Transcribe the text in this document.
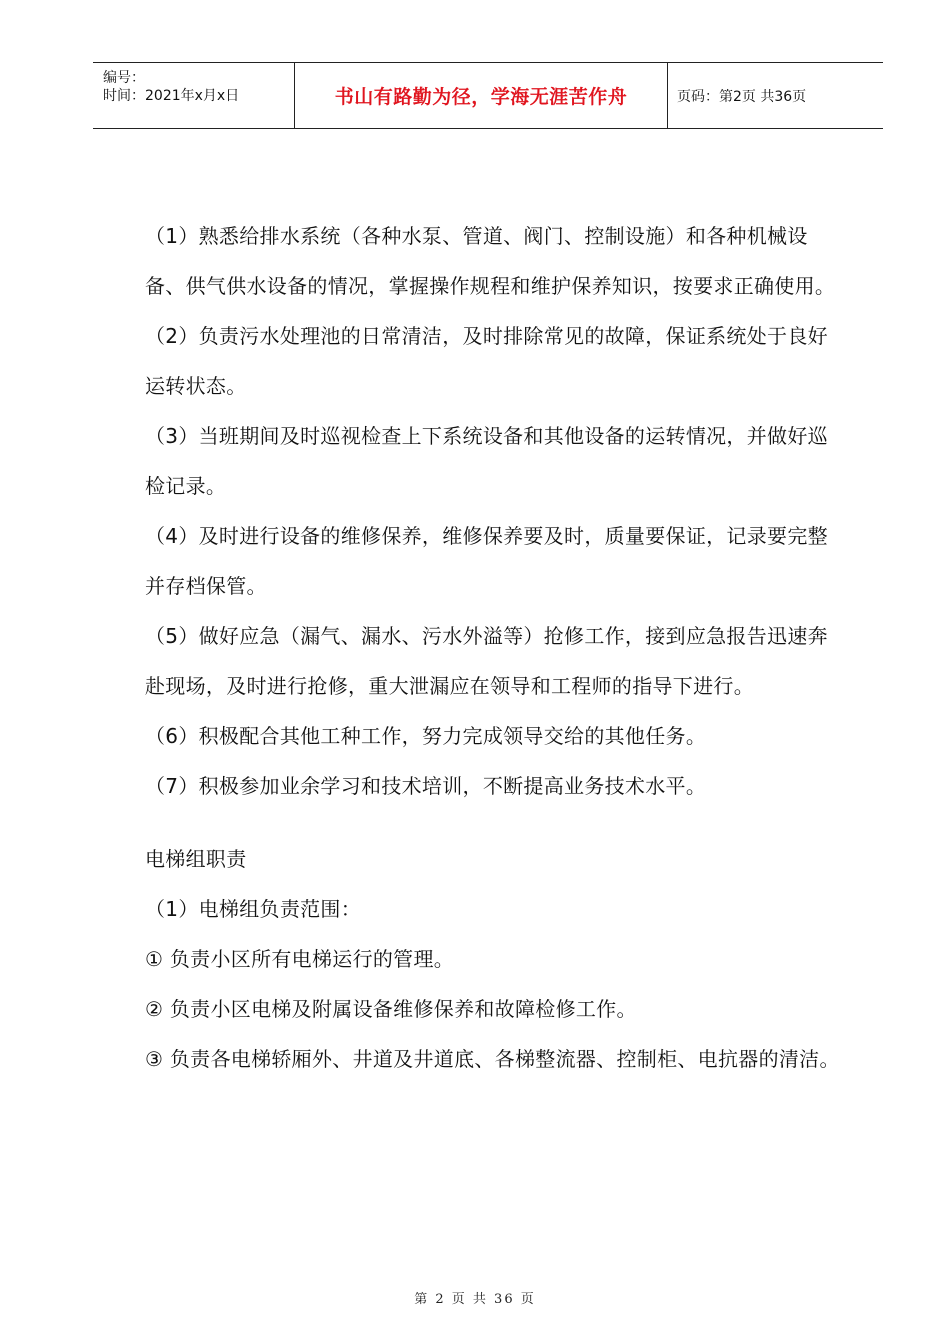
编号：
时间：2021年x月x日	书山有路勤为径，学海无涯苦作舟	页码：第2页 共36页

（1）熟悉给排水系统（各种水泵、管道、阀门、控制设施）和各种机械设备、供气供水设备的情况，掌握操作规程和维护保养知识，按要求正确使用。

（2）负责污水处理池的日常清洁，及时排除常见的故障，保证系统处于良好运转状态。

（3）当班期间及时巡视检查上下系统设备和其他设备的运转情况，并做好巡检记录。

（4）及时进行设备的维修保养，维修保养要及时，质量要保证，记录要完整并存档保管。

（5）做好应急（漏气、漏水、污水外溢等）抢修工作，接到应急报告迅速奔赴现场，及时进行抢修，重大泄漏应在领导和工程师的指导下进行。

（6）积极配合其他工种工作，努力完成领导交给的其他任务。

（7）积极参加业余学习和技术培训，不断提高业务技术水平。

电梯组职责

（1）电梯组负责范围：

① 负责小区所有电梯运行的管理。

② 负责小区电梯及附属设备维修保养和故障检修工作。

③ 负责各电梯轿厢外、井道及井道底、各梯整流器、控制柜、电抗器的清洁。

第 2 页 共 36 页
